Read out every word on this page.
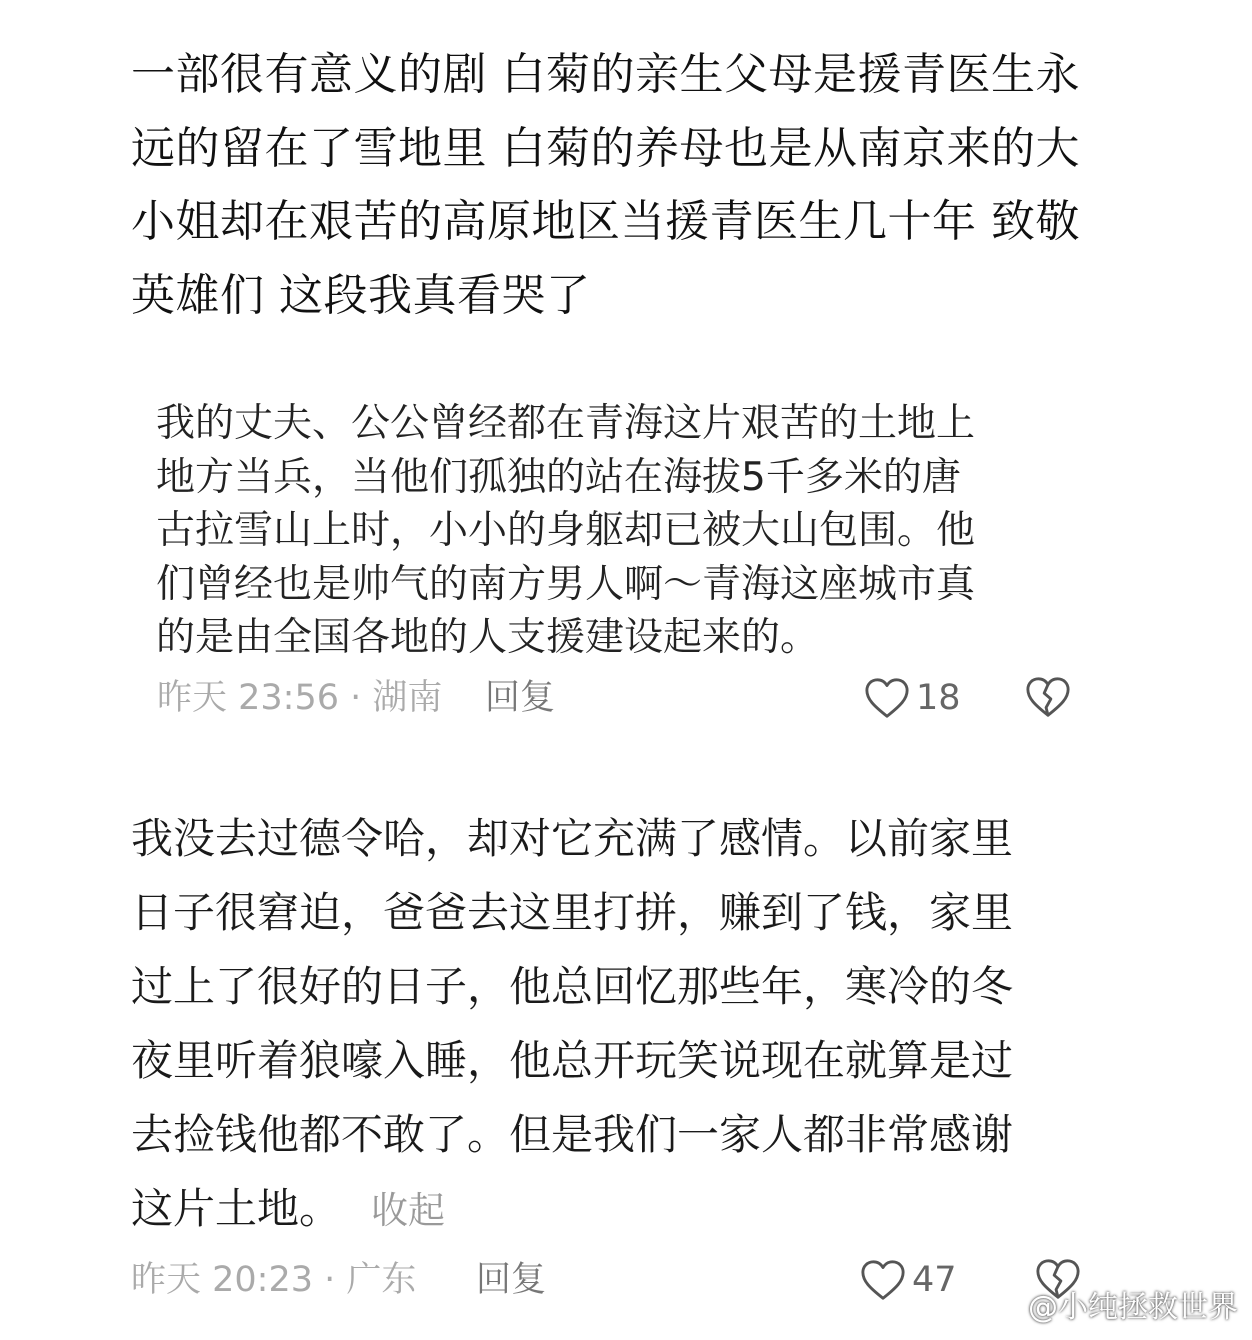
一部很有意义的剧 白菊的亲生父母是援青医生永
远的留在了雪地里 白菊的养母也是从南京来的大
小姐却在艰苦的高原地区当援青医生几十年 致敬
英雄们 这段我真看哭了

我的丈夫、公公曾经都在青海这片艰苦的土地上
地方当兵，当他们孤独的站在海拔5千多米的唐
古拉雪山上时，小小的身躯却已被大山包围。他
们曾经也是帅气的南方男人啊～青海这座城市真
的是由全国各地的人支援建设起来的。

昨天 23:56 · 湖南 回复	18

我没去过德令哈，却对它充满了感情。以前家里
日子很窘迫，爸爸去这里打拼，赚到了钱，家里
过上了很好的日子，他总回忆那些年，寒冷的冬
夜里听着狼嚎入睡，他总开玩笑说现在就算是过
去捡钱他都不敢了。但是我们一家人都非常感谢
这片土地。 收起

昨天 20:23 · 广东 回复	47
@小纯拯救世界
